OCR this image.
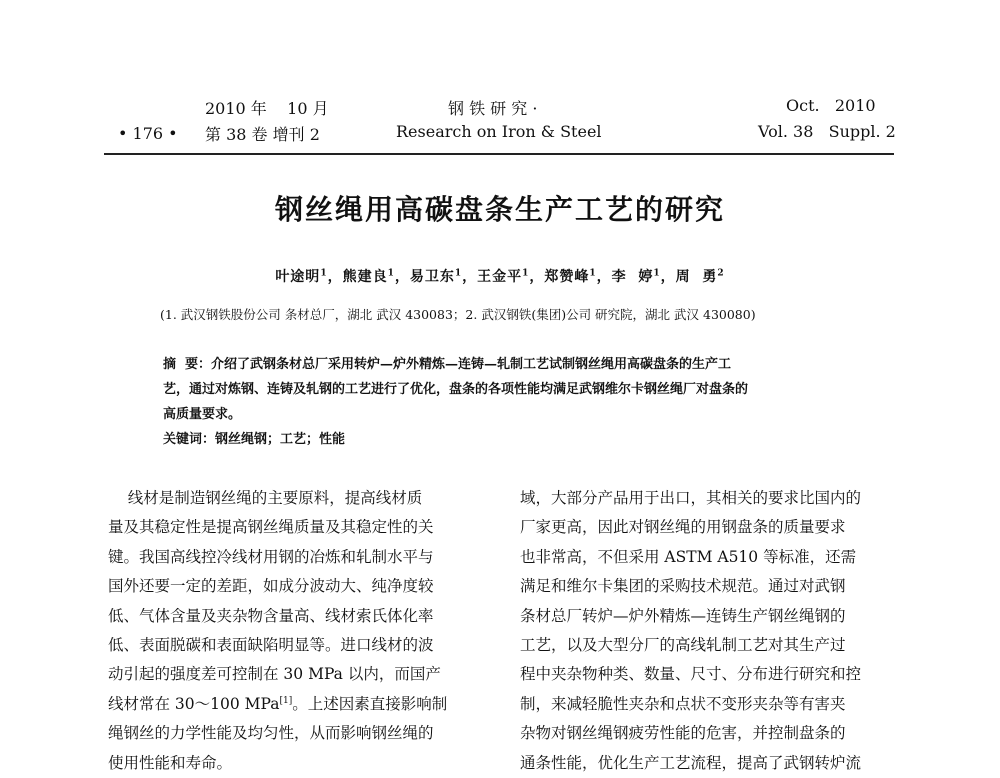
• 176 •
2010 年    10 月
第 38 卷 增刊 2
钢 铁 研 究 ·
Research on Iron & Steel
Oct.   2010
Vol. 38   Suppl. 2
钢丝绳用高碳盘条生产工艺的研究
叶途明$^1$，熊建良$^1$，易卫东$^1$，王金平$^1$，郑赞峰$^1$，李  婷$^1$，周  勇$^2$
(1. 武汉钢铁股份公司 条材总厂，湖北 武汉 430083；2. 武汉钢铁(集团)公司 研究院，湖北 武汉 430080)

摘  要：介绍了武钢条材总厂采用转炉—炉外精炼—连铸—轧制工艺试制钢丝绳用高碳盘条的生产工

艺，通过对炼钢、连铸及轧钢的工艺进行了优化，盘条的各项性能均满足武钢维尔卡钢丝绳厂对盘条的

高质量要求。

关键词：钢丝绳钢；工艺；性能

线材是制造钢丝绳的主要原料，提高线材质

量及其稳定性是提高钢丝绳质量及其稳定性的关

键。我国高线控冷线材用钢的冶炼和轧制水平与

国外还要一定的差距，如成分波动大、纯净度较

低、气体含量及夹杂物含量高、线材索氏体化率

低、表面脱碳和表面缺陷明显等。进口线材的波

动引起的强度差可控制在 30 MPa 以内，而国产

线材常在 30～100 MPa[1]。上述因素直接影响制

绳钢丝的力学性能及均匀性，从而影响钢丝绳的

使用性能和寿命。

域，大部分产品用于出口，其相关的要求比国内的

厂家更高，因此对钢丝绳的用钢盘条的质量要求

也非常高，不但采用 ASTM A510 等标准，还需

满足和维尔卡集团的采购技术规范。通过对武钢

条材总厂转炉—炉外精炼—连铸生产钢丝绳钢的

工艺，以及大型分厂的高线轧制工艺对其生产过

程中夹杂物种类、数量、尺寸、分布进行研究和控

制，来减轻脆性夹杂和点状不变形夹杂等有害夹

杂物对钢丝绳钢疲劳性能的危害，并控制盘条的

通条性能，优化生产工艺流程，提高了武钢转炉流
